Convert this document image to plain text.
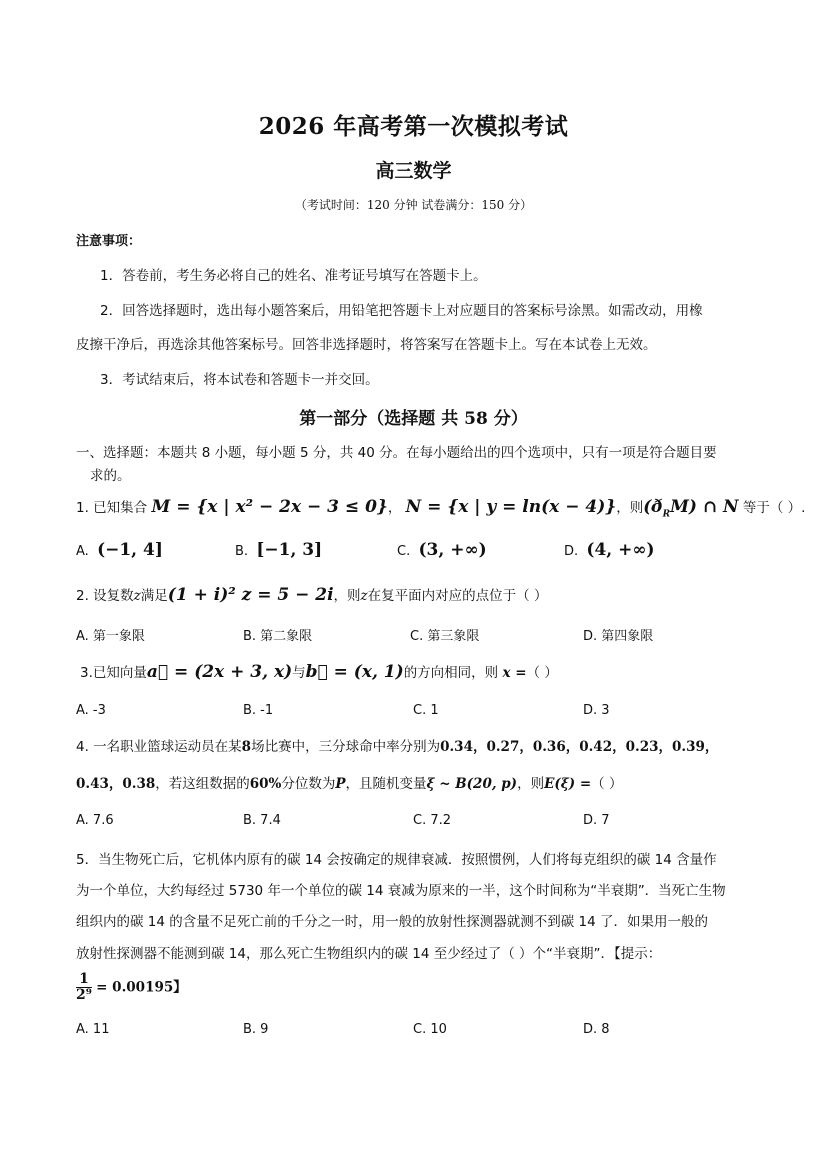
2026 年高考第一次模拟考试
高三数学
（考试时间：120 分钟 试卷满分：150 分）
注意事项：
1．答卷前，考生务必将自己的姓名、准考证号填写在答题卡上。
2．回答选择题时，选出每小题答案后，用铅笔把答题卡上对应题目的答案标号涂黑。如需改动，用橡
皮擦干净后，再选涂其他答案标号。回答非选择题时，将答案写在答题卡上。写在本试卷上无效。
3．考试结束后，将本试卷和答题卡一并交回。
第一部分（选择题 共 58 分）
一、选择题：本题共 8 小题，每小题 5 分，共 40 分。在每小题给出的四个选项中，只有一项是符合题目要
求的。
1. 已知集合 M = {x | x² − 2x − 3 ≤ 0}， N = {x | y = ln(x − 4)}，则$(ð_RM)$ ∩ N 等于（ ）.
A. (−1, 4]	B. [−1, 3]	C. (3, +∞)	D. (4, +∞)
2. 设复数z满足(1 + i)² z = 5 − 2i，则z在复平面内对应的点位于（ ）
A. 第一象限	B. 第二象限	C. 第三象限	D. 第四象限
3.已知向量a⃗ = (2x + 3, x)与b⃗ = (x, 1)的方向相同，则 x =（ ）
A. -3	B. -1	C. 1	D. 3
4. 一名职业篮球运动员在某8场比赛中，三分球命中率分别为0.34，0.27，0.36，0.42，0.23，0.39，
0.43，0.38，若这组数据的60%分位数为P，且随机变量ξ ~ B(20, p)，则E(ξ) =（ ）
A. 7.6	B. 7.4	C. 7.2	D. 7
5．当生物死亡后，它机体内原有的碳 14 会按确定的规律衰减．按照惯例，人们将每克组织的碳 14 含量作
为一个单位，大约每经过 5730 年一个单位的碳 14 衰减为原来的一半，这个时间称为“半衰期”．当死亡生物
组织内的碳 14 的含量不足死亡前的千分之一时，用一般的放射性探测器就测不到碳 14 了．如果用一般的
放射性探测器不能测到碳 14，那么死亡生物组织内的碳 14 至少经过了（ ）个“半衰期”．【提示：
$\frac{1}{\text{2⁹}} = 0.00195$】
A. 11	B. 9	C. 10	D. 8
